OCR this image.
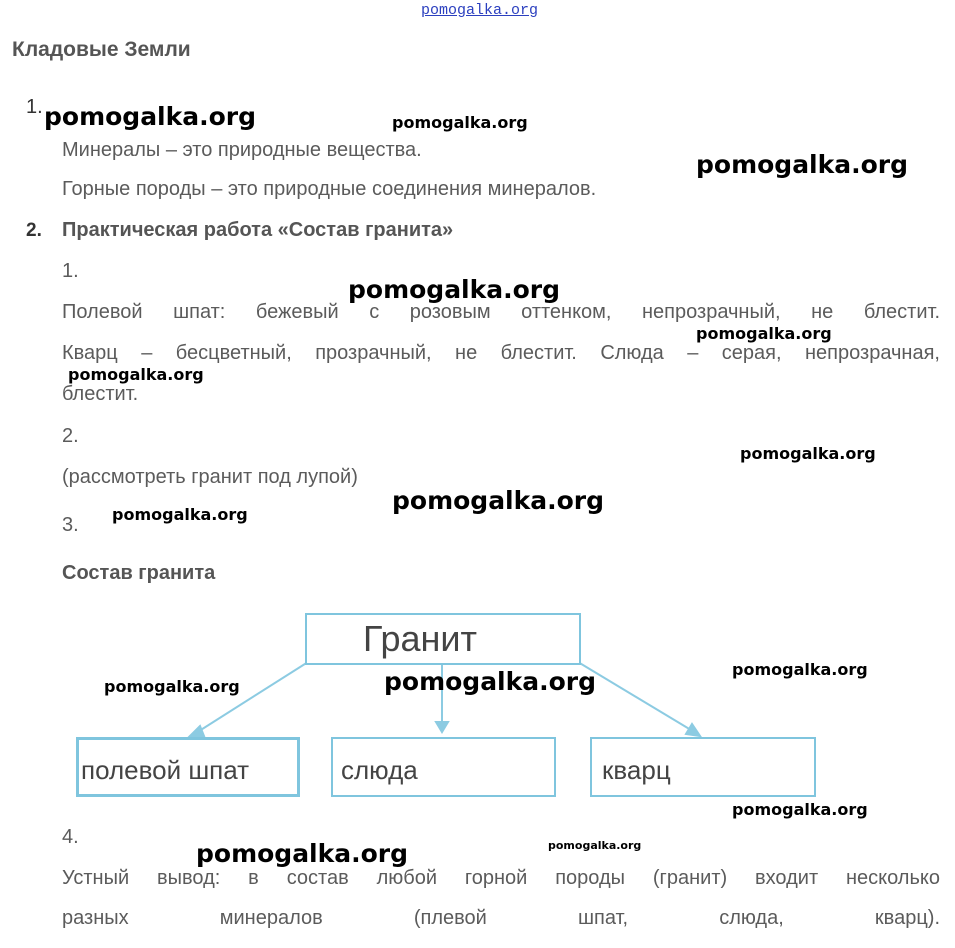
pomogalka.org
Кладовые Земли
1.
Минералы – это природные вещества.
Горные породы – это природные соединения минералов.
2. Практическая работа «Состав гранита»
1.
Полевой шпат: бежевый с розовым оттенком, непрозрачный, не блестит.
Кварц – бесцветный, прозрачный, не блестит. Слюда – серая, непрозрачная,
блестит.
2.
(рассмотреть гранит под лупой)
3.
Состав гранита
Гранит
полевой шпат	слюда	кварц
4.
Устный вывод: в состав любой горной породы (гранит) входит несколько
разных минералов (плевой шпат, слюда, кварц).
pomogalka.org	pomogalka.org
pomogalka.org
pomogalka.org
pomogalka.org
pomogalka.org
pomogalka.org
pomogalka.org
pomogalka.org
pomogalka.org
pomogalka.org
pomogalka.org
pomogalka.org
pomogalka.org
pomogalka.org
